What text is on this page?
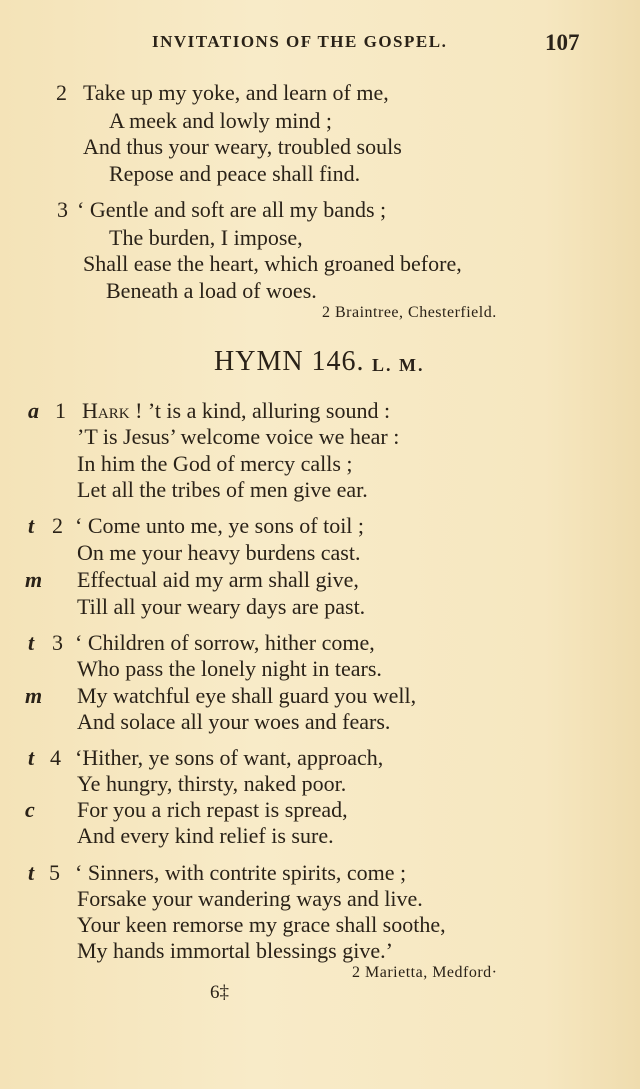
INVITATIONS OF THE GOSPEL.	107
2 Take up my yoke, and learn of me,
A meek and lowly mind ;
And thus your weary, troubled souls
Repose and peace shall find.
3 ‘ Gentle and soft are all my bands ;
The burden, I impose,
Shall ease the heart, which groaned before,
Beneath a load of woes.
2 Braintree, Chesterfield.
HYMN 146. L. M.
a 1 Hark ! ’t is a kind, alluring sound :
’T is Jesus’ welcome voice we hear :
In him the God of mercy calls ;
Let all the tribes of men give ear.
t 2 ‘ Come unto me, ye sons of toil ;
On me your heavy burdens cast.
m Effectual aid my arm shall give,
Till all your weary days are past.
t 3 ‘ Children of sorrow, hither come,
Who pass the lonely night in tears.
m My watchful eye shall guard you well,
And solace all your woes and fears.
t 4 ‘Hither, ye sons of want, approach,
Ye hungry, thirsty, naked poor.
c For you a rich repast is spread,
And every kind relief is sure.
t 5 ‘ Sinners, with contrite spirits, come ;
Forsake your wandering ways and live.
Your keen remorse my grace shall soothe,
My hands immortal blessings give.’
2 Marietta, Medford·
6‡
